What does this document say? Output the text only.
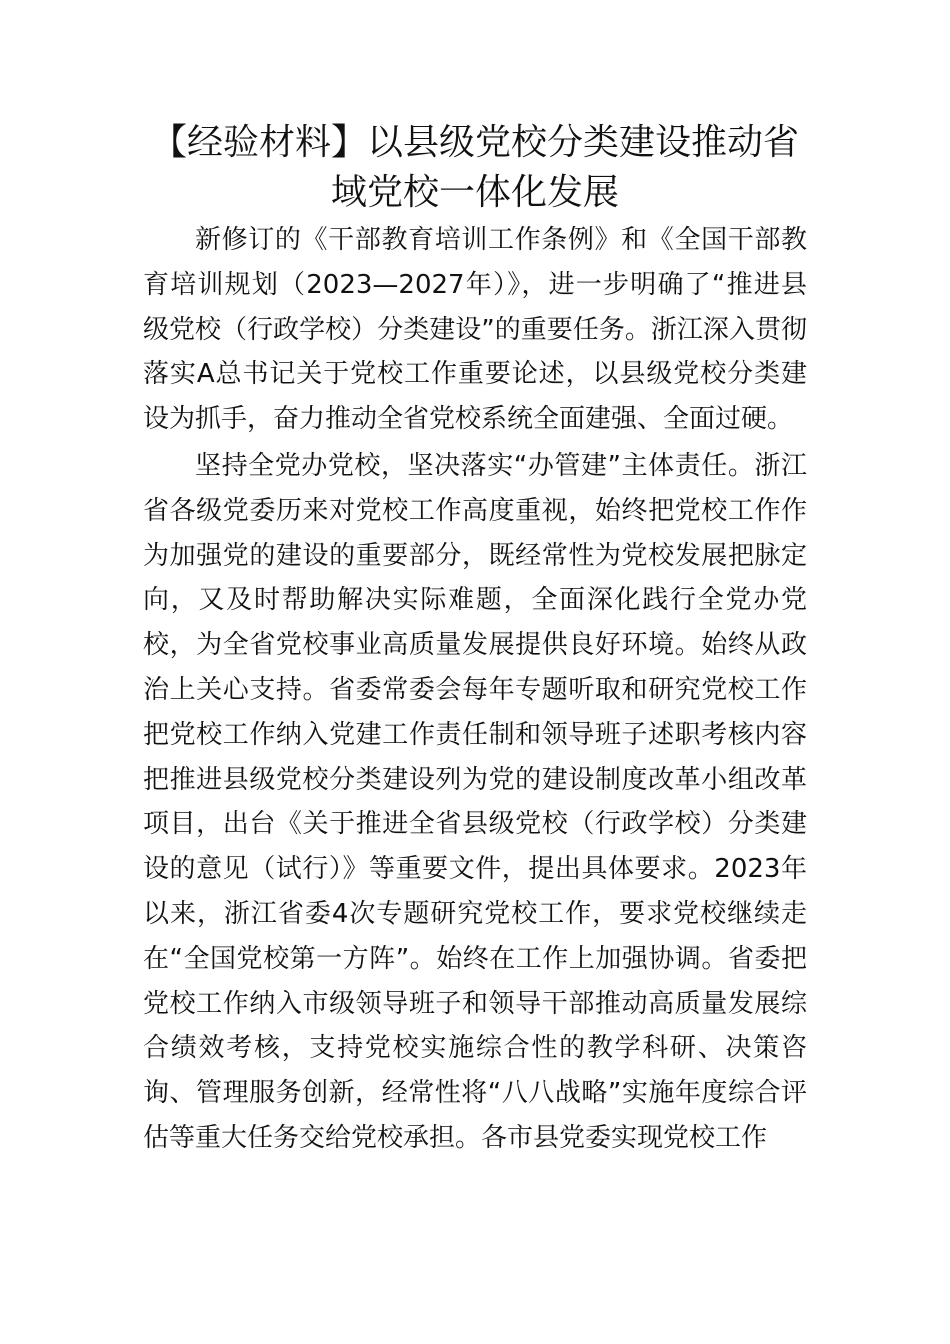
【经验材料】以县级党校分类建设推动省域党校一体化发展

新修订的《干部教育培训工作条例》和《全国干部教育培训规划（2023—2027年）》，进一步明确了“推进县级党校（行政学校）分类建设”的重要任务。浙江深入贯彻落实A总书记关于党校工作重要论述，以县级党校分类建设为抓手，奋力推动全省党校系统全面建强、全面过硬。

坚持全党办党校，坚决落实“办管建”主体责任。浙江省各级党委历来对党校工作高度重视，始终把党校工作作为加强党的建设的重要部分，既经常性为党校发展把脉定向，又及时帮助解决实际难题，全面深化践行全党办党校，为全省党校事业高质量发展提供良好环境。始终从政治上关心支持。省委常委会每年专题听取和研究党校工作把党校工作纳入党建工作责任制和领导班子述职考核内容把推进县级党校分类建设列为党的建设制度改革小组改革项目，出台《关于推进全省县级党校（行政学校）分类建设的意见（试行）》等重要文件，提出具体要求。2023年以来，浙江省委4次专题研究党校工作，要求党校继续走在“全国党校第一方阵”。始终在工作上加强协调。省委把党校工作纳入市级领导班子和领导干部推动高质量发展综合绩效考核，支持党校实施综合性的教学科研、决策咨询、管理服务创新，经常性将“八八战略”实施年度综合评估等重大任务交给党校承担。各市县党委实现党校工作
